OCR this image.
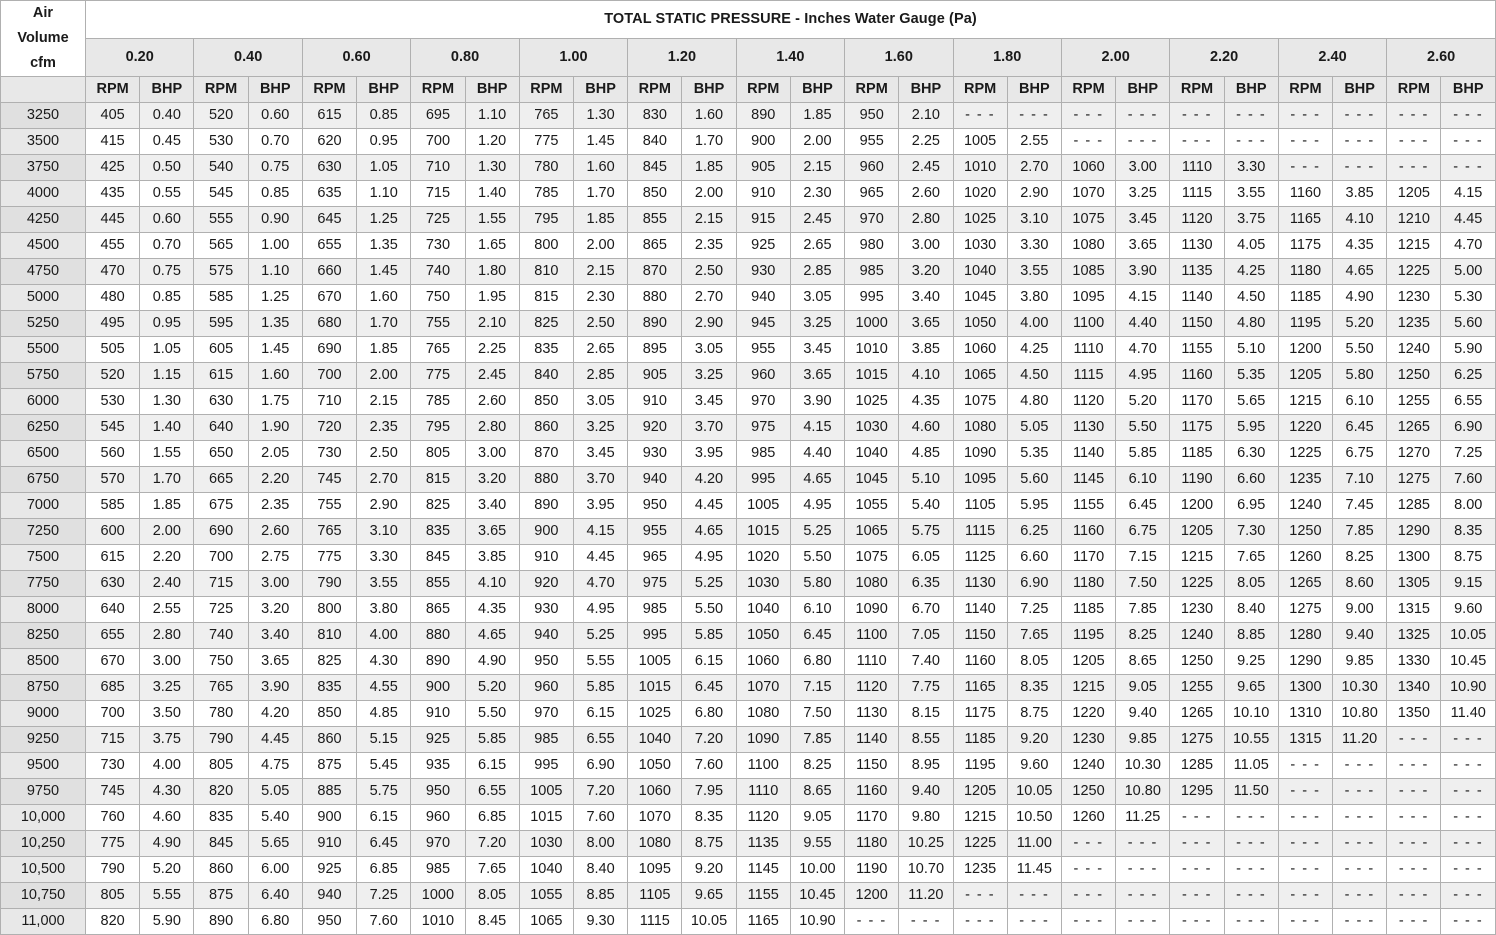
Air
Volume
cfm	TOTAL STATIC PRESSURE - Inches Water Gauge (Pa)																									
	0.20		0.40		0.60		0.80		1.00		1.20		1.40		1.60		1.80		2.00		2.20		2.40		2.60	
	RPM	BHP	RPM	BHP	RPM	BHP	RPM	BHP	RPM	BHP	RPM	BHP	RPM	BHP	RPM	BHP	RPM	BHP	RPM	BHP	RPM	BHP	RPM	BHP	RPM	BHP
3250	405	0.40	520	0.60	615	0.85	695	1.10	765	1.30	830	1.60	890	1.85	950	2.10	- - -	- - -	- - -	- - -	- - -	- - -	- - -	- - -	- - -	- - -
3500	415	0.45	530	0.70	620	0.95	700	1.20	775	1.45	840	1.70	900	2.00	955	2.25	1005	2.55	- - -	- - -	- - -	- - -	- - -	- - -	- - -	- - -
3750	425	0.50	540	0.75	630	1.05	710	1.30	780	1.60	845	1.85	905	2.15	960	2.45	1010	2.70	1060	3.00	1110	3.30	- - -	- - -	- - -	- - -
4000	435	0.55	545	0.85	635	1.10	715	1.40	785	1.70	850	2.00	910	2.30	965	2.60	1020	2.90	1070	3.25	1115	3.55	1160	3.85	1205	4.15
4250	445	0.60	555	0.90	645	1.25	725	1.55	795	1.85	855	2.15	915	2.45	970	2.80	1025	3.10	1075	3.45	1120	3.75	1165	4.10	1210	4.45
4500	455	0.70	565	1.00	655	1.35	730	1.65	800	2.00	865	2.35	925	2.65	980	3.00	1030	3.30	1080	3.65	1130	4.05	1175	4.35	1215	4.70
4750	470	0.75	575	1.10	660	1.45	740	1.80	810	2.15	870	2.50	930	2.85	985	3.20	1040	3.55	1085	3.90	1135	4.25	1180	4.65	1225	5.00
5000	480	0.85	585	1.25	670	1.60	750	1.95	815	2.30	880	2.70	940	3.05	995	3.40	1045	3.80	1095	4.15	1140	4.50	1185	4.90	1230	5.30
5250	495	0.95	595	1.35	680	1.70	755	2.10	825	2.50	890	2.90	945	3.25	1000	3.65	1050	4.00	1100	4.40	1150	4.80	1195	5.20	1235	5.60
5500	505	1.05	605	1.45	690	1.85	765	2.25	835	2.65	895	3.05	955	3.45	1010	3.85	1060	4.25	1110	4.70	1155	5.10	1200	5.50	1240	5.90
5750	520	1.15	615	1.60	700	2.00	775	2.45	840	2.85	905	3.25	960	3.65	1015	4.10	1065	4.50	1115	4.95	1160	5.35	1205	5.80	1250	6.25
6000	530	1.30	630	1.75	710	2.15	785	2.60	850	3.05	910	3.45	970	3.90	1025	4.35	1075	4.80	1120	5.20	1170	5.65	1215	6.10	1255	6.55
6250	545	1.40	640	1.90	720	2.35	795	2.80	860	3.25	920	3.70	975	4.15	1030	4.60	1080	5.05	1130	5.50	1175	5.95	1220	6.45	1265	6.90
6500	560	1.55	650	2.05	730	2.50	805	3.00	870	3.45	930	3.95	985	4.40	1040	4.85	1090	5.35	1140	5.85	1185	6.30	1225	6.75	1270	7.25
6750	570	1.70	665	2.20	745	2.70	815	3.20	880	3.70	940	4.20	995	4.65	1045	5.10	1095	5.60	1145	6.10	1190	6.60	1235	7.10	1275	7.60
7000	585	1.85	675	2.35	755	2.90	825	3.40	890	3.95	950	4.45	1005	4.95	1055	5.40	1105	5.95	1155	6.45	1200	6.95	1240	7.45	1285	8.00
7250	600	2.00	690	2.60	765	3.10	835	3.65	900	4.15	955	4.65	1015	5.25	1065	5.75	1115	6.25	1160	6.75	1205	7.30	1250	7.85	1290	8.35
7500	615	2.20	700	2.75	775	3.30	845	3.85	910	4.45	965	4.95	1020	5.50	1075	6.05	1125	6.60	1170	7.15	1215	7.65	1260	8.25	1300	8.75
7750	630	2.40	715	3.00	790	3.55	855	4.10	920	4.70	975	5.25	1030	5.80	1080	6.35	1130	6.90	1180	7.50	1225	8.05	1265	8.60	1305	9.15
8000	640	2.55	725	3.20	800	3.80	865	4.35	930	4.95	985	5.50	1040	6.10	1090	6.70	1140	7.25	1185	7.85	1230	8.40	1275	9.00	1315	9.60
8250	655	2.80	740	3.40	810	4.00	880	4.65	940	5.25	995	5.85	1050	6.45	1100	7.05	1150	7.65	1195	8.25	1240	8.85	1280	9.40	1325	10.05
8500	670	3.00	750	3.65	825	4.30	890	4.90	950	5.55	1005	6.15	1060	6.80	1110	7.40	1160	8.05	1205	8.65	1250	9.25	1290	9.85	1330	10.45
8750	685	3.25	765	3.90	835	4.55	900	5.20	960	5.85	1015	6.45	1070	7.15	1120	7.75	1165	8.35	1215	9.05	1255	9.65	1300	10.30	1340	10.90
9000	700	3.50	780	4.20	850	4.85	910	5.50	970	6.15	1025	6.80	1080	7.50	1130	8.15	1175	8.75	1220	9.40	1265	10.10	1310	10.80	1350	11.40
9250	715	3.75	790	4.45	860	5.15	925	5.85	985	6.55	1040	7.20	1090	7.85	1140	8.55	1185	9.20	1230	9.85	1275	10.55	1315	11.20	- - -	- - -
9500	730	4.00	805	4.75	875	5.45	935	6.15	995	6.90	1050	7.60	1100	8.25	1150	8.95	1195	9.60	1240	10.30	1285	11.05	- - -	- - -	- - -	- - -
9750	745	4.30	820	5.05	885	5.75	950	6.55	1005	7.20	1060	7.95	1110	8.65	1160	9.40	1205	10.05	1250	10.80	1295	11.50	- - -	- - -	- - -	- - -
10,000	760	4.60	835	5.40	900	6.15	960	6.85	1015	7.60	1070	8.35	1120	9.05	1170	9.80	1215	10.50	1260	11.25	- - -	- - -	- - -	- - -	- - -	- - -
10,250	775	4.90	845	5.65	910	6.45	970	7.20	1030	8.00	1080	8.75	1135	9.55	1180	10.25	1225	11.00	- - -	- - -	- - -	- - -	- - -	- - -	- - -	- - -
10,500	790	5.20	860	6.00	925	6.85	985	7.65	1040	8.40	1095	9.20	1145	10.00	1190	10.70	1235	11.45	- - -	- - -	- - -	- - -	- - -	- - -	- - -	- - -
10,750	805	5.55	875	6.40	940	7.25	1000	8.05	1055	8.85	1105	9.65	1155	10.45	1200	11.20	- - -	- - -	- - -	- - -	- - -	- - -	- - -	- - -	- - -	- - -
11,000	820	5.90	890	6.80	950	7.60	1010	8.45	1065	9.30	1115	10.05	1165	10.90	- - -	- - -	- - -	- - -	- - -	- - -	- - -	- - -	- - -	- - -	- - -	- - -
